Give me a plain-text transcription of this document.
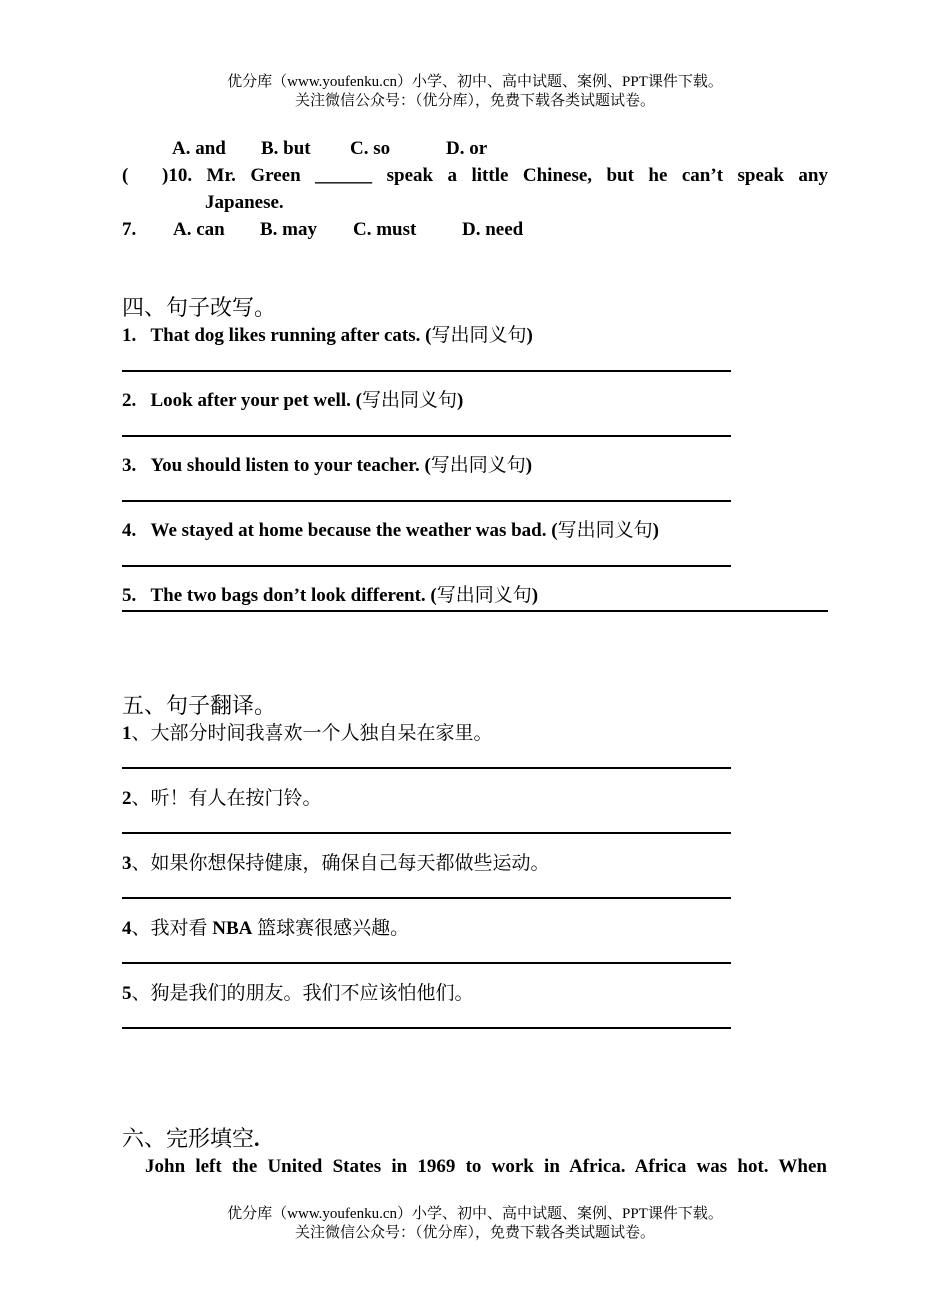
优分库（www.youfenku.cn）小学、初中、高中试题、案例、PPT课件下载。
关注微信公众号：（优分库），免费下载各类试题试卷。
A. and B. but C. so	D. or
( )10. Mr. Green ______ speak a little Chinese, but he can’t speak any
Japanese.
7. A. can B. may C. must D. need
四、句子改写。
1. That dog likes running after cats. (写出同义句)
2. Look after your pet well. (写出同义句)
3. You should listen to your teacher. (写出同义句)
4. We stayed at home because the weather was bad. (写出同义句)
5. The two bags don’t look different. (写出同义句)
五、句子翻译。
1、大部分时间我喜欢一个人独自呆在家里。
2、听！有人在按门铃。
3、如果你想保持健康，确保自己每天都做些运动。
4、我对看 NBA 篮球赛很感兴趣。
5、狗是我们的朋友。我们不应该怕他们。
六、完形填空.
John left the United States in 1969 to work in Africa. Africa was hot. When
优分库（www.youfenku.cn）小学、初中、高中试题、案例、PPT课件下载。
关注微信公众号：（优分库），免费下载各类试题试卷。
